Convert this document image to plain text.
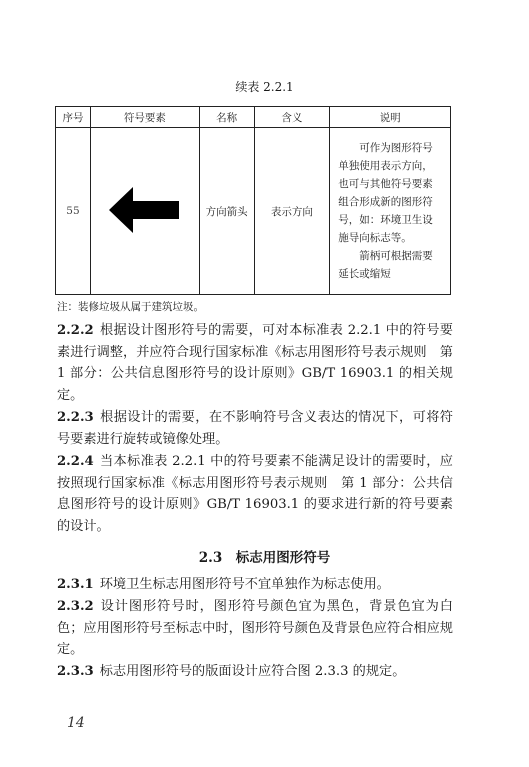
续表 2.2.1
序号	符号要素	名称	含义	说明
55		方向箭头	表示方向	可作为图形符号单独使用表示方向，也可与其他符号要素组合形成新的图形符号，如：环境卫生设施导向标志等。

箭柄可根据需要延长或缩短

注：装修垃圾从属于建筑垃圾。
2.2.2 根据设计图形符号的需要，可对本标准表 2.2.1 中的符号要素进行调整，并应符合现行国家标准《标志用图形符号表示规则　第 1 部分：公共信息图形符号的设计原则》GB/T 16903.1 的相关规定。
2.2.3 根据设计的需要，在不影响符号含义表达的情况下，可将符号要素进行旋转或镜像处理。
2.2.4 当本标准表 2.2.1 中的符号要素不能满足设计的需要时，应按照现行国家标准《标志用图形符号表示规则　第 1 部分：公共信息图形符号的设计原则》GB/T 16903.1 的要求进行新的符号要素的设计。
2.3　标志用图形符号
2.3.1 环境卫生标志用图形符号不宜单独作为标志使用。
2.3.2 设计图形符号时，图形符号颜色宜为黑色，背景色宜为白色；应用图形符号至标志中时，图形符号颜色及背景色应符合相应规定。
2.3.3 标志用图形符号的版面设计应符合图 2.3.3 的规定。
14
